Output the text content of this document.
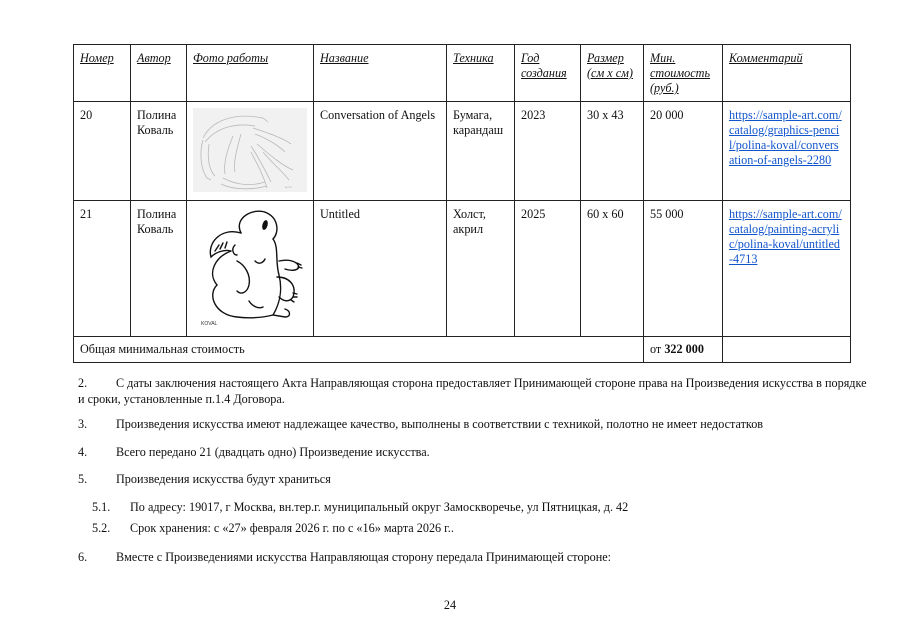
Номер	Автор	Фото работы	Название	Техника	Год создания	Размер (см х см)	Мин. стоимость (руб.)	Комментарий
20	Полина Коваль	koval	Conversation of Angels	Бумага, карандаш	2023	30 x 43	20 000	https://sample-art.com/catalog/graphics-pencil/polina-koval/conversation-of-angels-2280
21	Полина Коваль	KOVAL	Untitled	Холст, акрил	2025	60 x 60	55 000	https://sample-art.com/catalog/painting-acrylic/polina-koval/untitled-4713
Общая минимальная стоимость							от 322 000	
2. С даты заключения настоящего Акта Направляющая сторона предоставляет Принимающей стороне права на Произведения искусства в порядке и сроки, установленные п.1.4 Договора.
3. Произведения искусства имеют надлежащее качество, выполнены в соответствии с техникой, полотно не имеет недостатков
4. Всего передано 21 (двадцать одно) Произведение искусства.
5. Произведения искусства будут храниться
5.1. По адресу: 19017, г Москва, вн.тер.г. муниципальный округ Замоскворечье, ул Пятницкая, д. 42
5.2. Срок хранения: с «27» февраля 2026 г. по с «16» марта 2026 г..
6. Вместе с Произведениями искусства Направляющая сторону передала Принимающей стороне:
24
